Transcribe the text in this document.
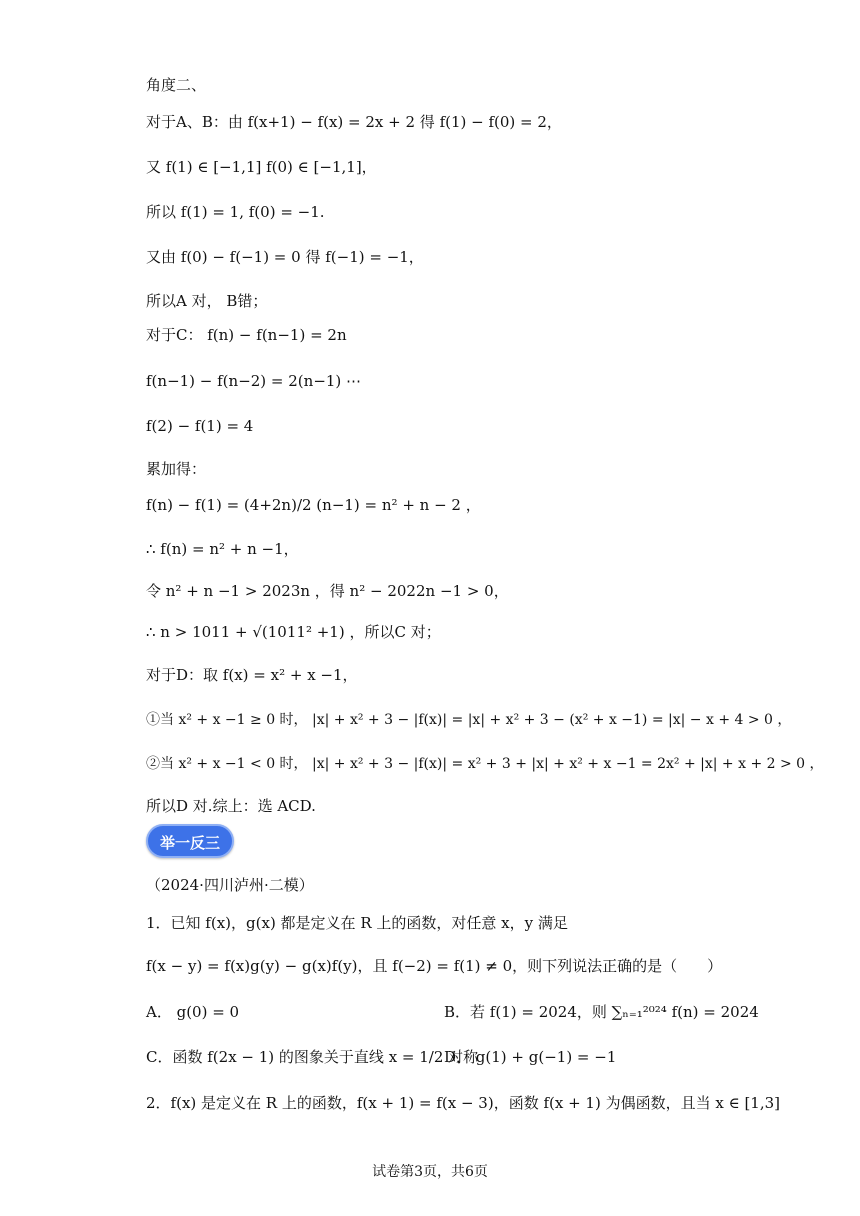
角度二、
对于A、B：由 f(x+1) − f(x) = 2x + 2 得 f(1) − f(0) = 2，
又 f(1) ∈ [−1,1] f(0) ∈ [−1,1]，
所以 f(1) = 1, f(0) = −1.
又由 f(0) − f(−1) = 0 得 f(−1) = −1，
所以A 对， B错；
对于C： f(n) − f(n−1) = 2n
f(n−1) − f(n−2) = 2(n−1) ⋯
f(2) − f(1) = 4
累加得：
f(n) − f(1) = (4+2n)/2 (n−1) = n² + n − 2 ，
∴ f(n) = n² + n −1，
令 n² + n −1 > 2023n ，得 n² − 2022n −1 > 0，
∴ n > 1011 + √(1011² +1) ，所以C 对；
对于D：取 f(x) = x² + x −1，
①当 x² + x −1 ≥ 0 时， |x| + x² + 3 − |f(x)| = |x| + x² + 3 − (x² + x −1) = |x| − x + 4 > 0 ，
②当 x² + x −1 < 0 时， |x| + x² + 3 − |f(x)| = x² + 3 + |x| + x² + x −1 = 2x² + |x| + x + 2 > 0 ，
所以D 对.综上：选 ACD.
举一反三
（2024·四川泸州·二模）
1．已知 f(x)，g(x) 都是定义在 R 上的函数，对任意 x，y 满足
f(x − y) = f(x)g(y) − g(x)f(y)，且 f(−2) = f(1) ≠ 0，则下列说法正确的是（　　）
A． g(0) = 0	B．若 f(1) = 2024，则 ∑ₙ₌₁²⁰²⁴ f(n) = 2024
C．函数 f(2x − 1) 的图象关于直线 x = 1/2 对称
D． g(1) + g(−1) = −1
2．f(x) 是定义在 R 上的函数，f(x + 1) = f(x − 3)，函数 f(x + 1) 为偶函数，且当 x ∈ [1,3]
试卷第3页，共6页
